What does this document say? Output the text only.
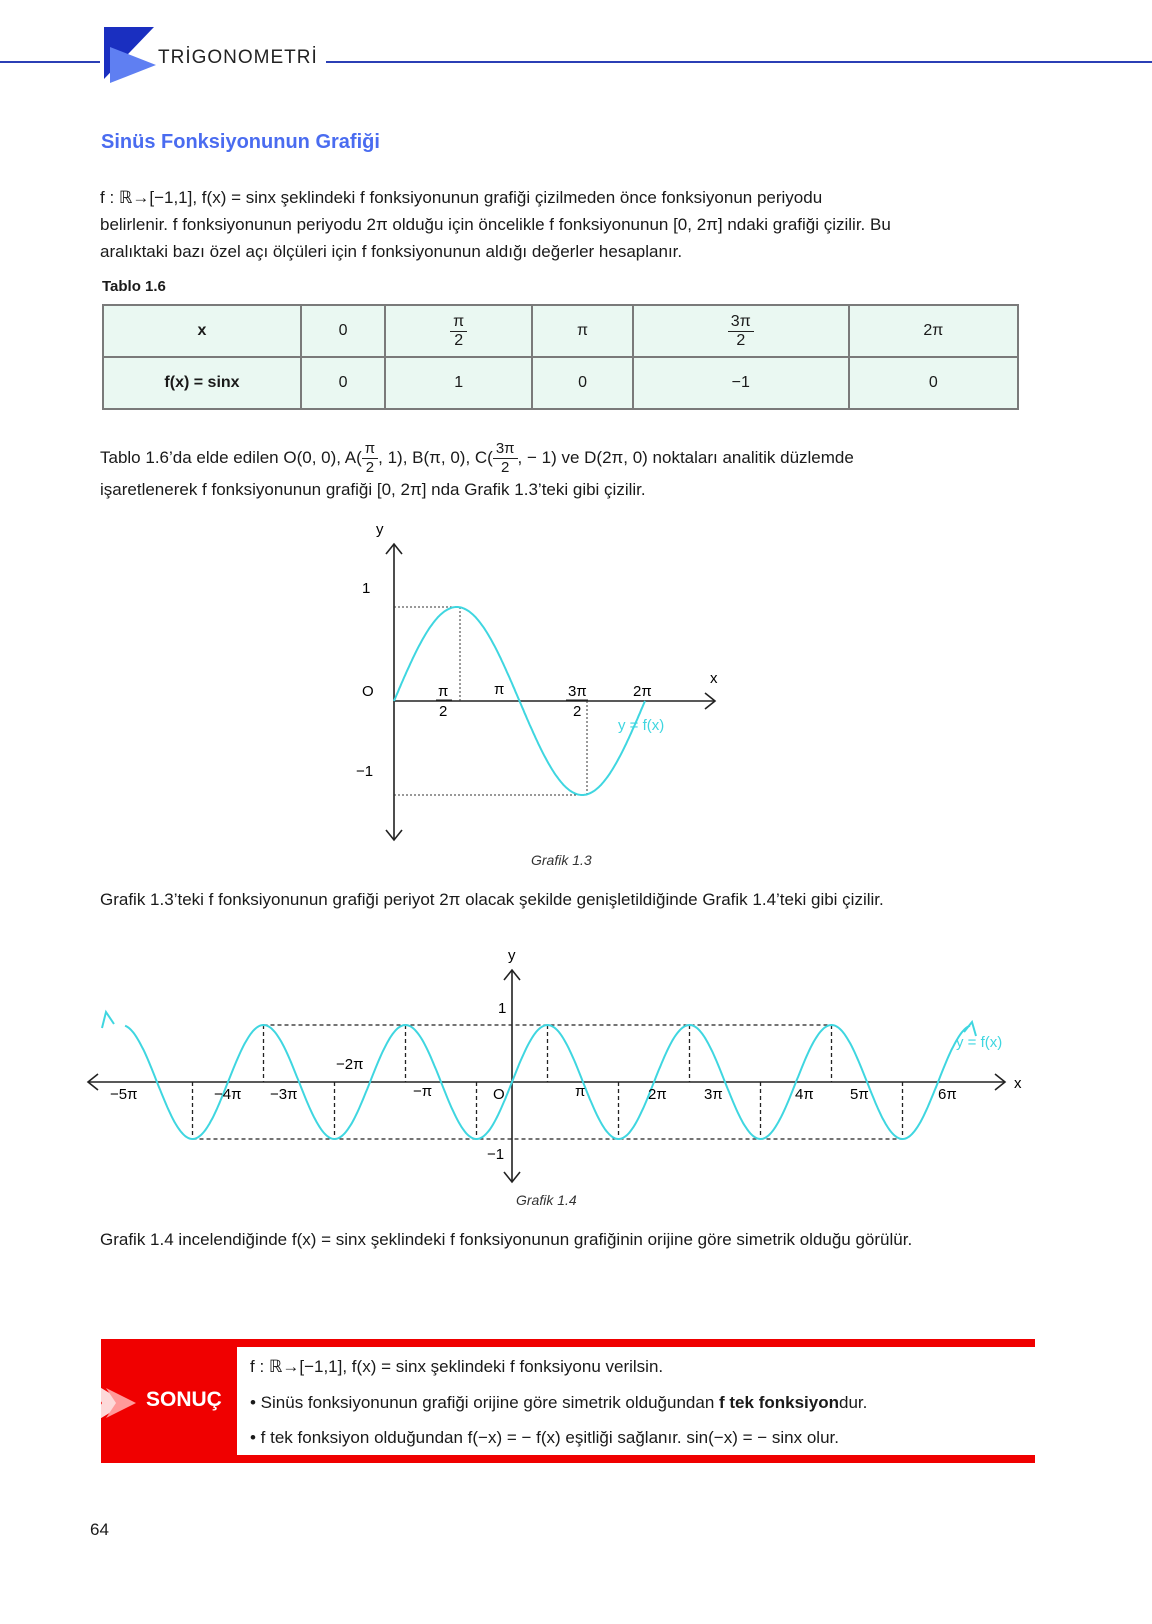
TRİGONOMETRİ
Sinüs Fonksiyonunun Grafiği
f : ℝ→[−1,1], f(x) = sinx şeklindeki f fonksiyonunun grafiği çizilmeden önce fonksiyonun periyodu
belirlenir. f fonksiyonunun periyodu 2π olduğu için öncelikle f fonksiyonunun [0, 2π] ndaki grafiği çizilir. Bu
aralıktaki bazı özel açı ölçüleri için f fonksiyonunun aldığı değerler hesaplanır.
Tablo 1.6
x	0	$\frac{\pi}{2}$	π	$\frac{3\pi}{2}$	2π
f(x) = sinx	0	1	0	−1	0
Tablo 1.6’da elde edilen O(0, 0), $A( \frac{\pi}{2}$ , 1), B(π, 0), $C( \frac{3\pi}{2}$ , − 1) ve D(2π, 0) noktaları analitik düzlemde
işaretlenerek f fonksiyonunun grafiği [0, 2π] nda Grafik 1.3’teki gibi çizilir.
y
x
1
−1
O	π
2
π	3π
2
2π
y = f(x)
Grafik 1.3
Grafik 1.3’teki f fonksiyonunun grafiği periyot 2π olacak şekilde genişletildiğinde Grafik 1.4’teki gibi çizilir.
y
x
1
−1
O
y = f(x)
−5π	−4π −3π
−2π
−π	π	2π 3π	4π 5π	6π
Grafik 1.4
Grafik 1.4 incelendiğinde f(x) = sinx şeklindeki f fonksiyonunun grafiğinin orijine göre simetrik olduğu görülür.
SONUÇ
f : ℝ→[−1,1], f(x) = sinx şeklindeki f fonksiyonu verilsin.
• Sinüs fonksiyonunun grafiği orijine göre simetrik olduğundan f tek fonksiyondur.
• f tek fonksiyon olduğundan f(−x) = − f(x) eşitliği sağlanır. sin(−x) = − sinx olur.
64
